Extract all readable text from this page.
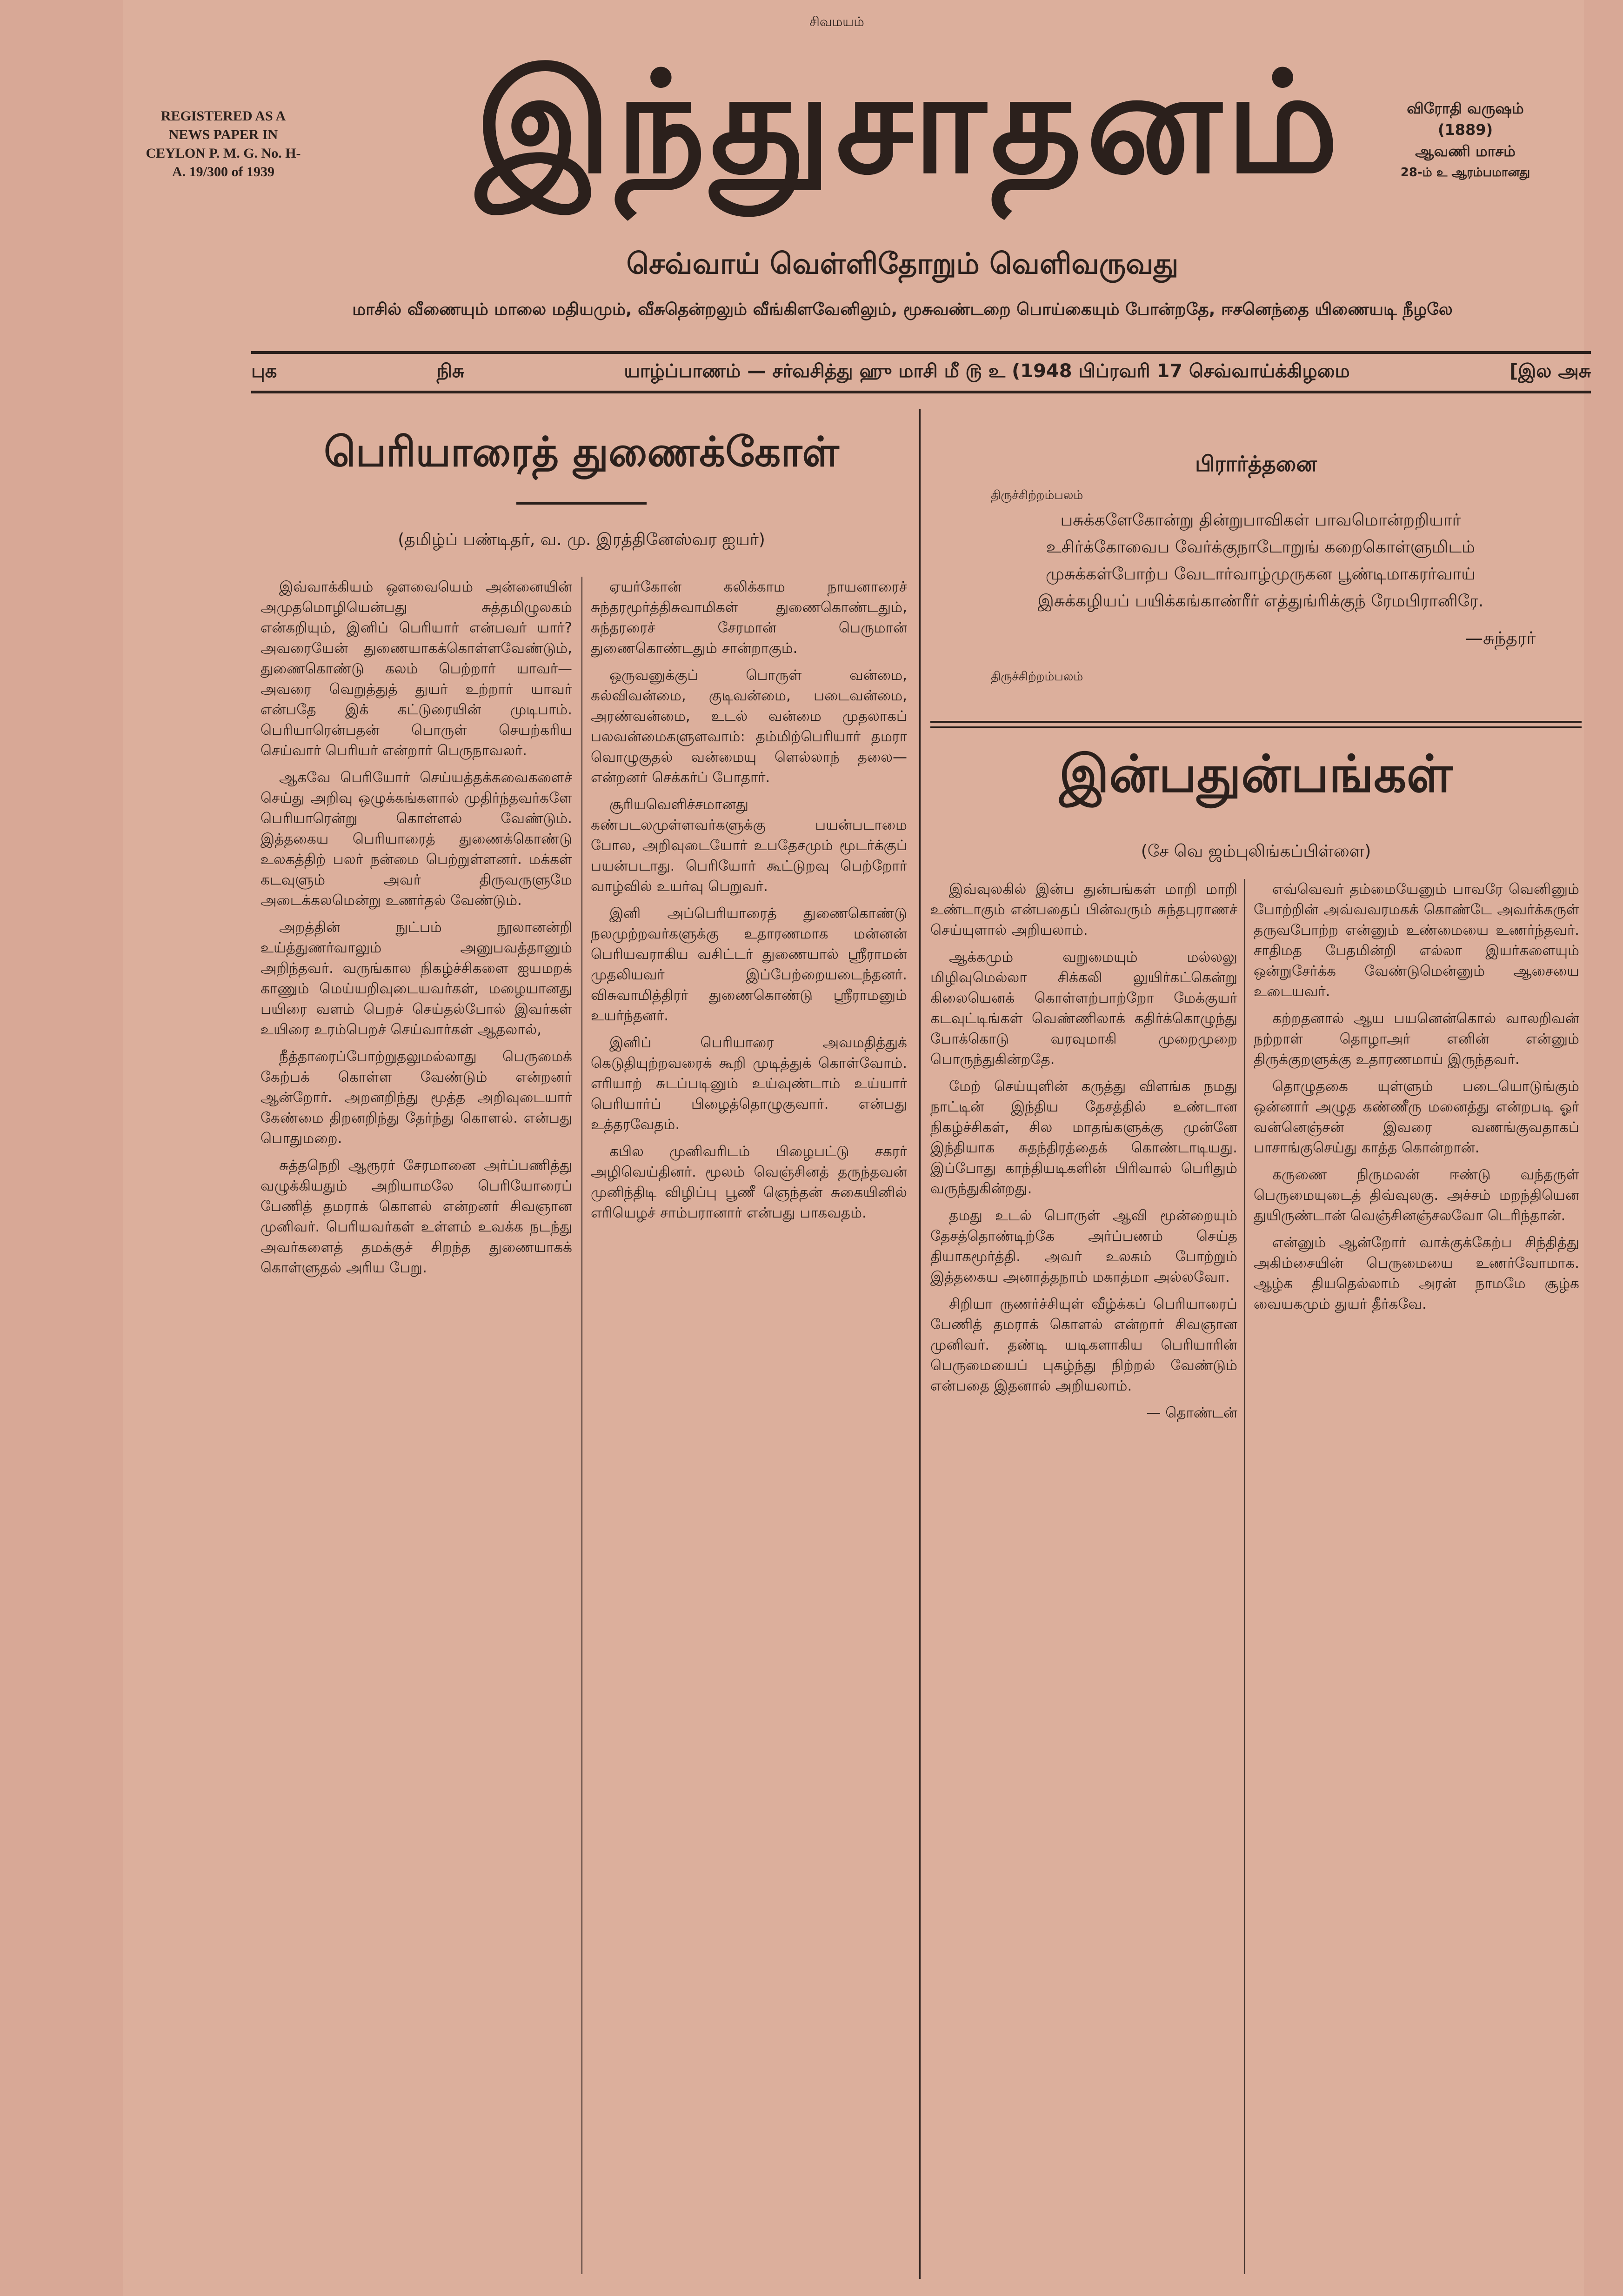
REGISTERED AS A NEWS PAPER IN CEYLON P. M. G. No. H- A. 19/300 of 1939
சிவமயம்
இந்துசாதனம்	விரோதி வருஷம்
(1889)
ஆவணி மாசம்
28-ம் உ ஆரம்பமானது
செவ்வாய் வெள்ளிதோறும் வெளிவருவது
மாசில் வீணையும் மாலை மதியமும், வீசுதென்றலும் வீங்கிளவேனிலும், மூசுவண்டறை பொய்கையும் போன்றதே, ஈசனெந்தை யிணையடி நீழலே
புக	நிசு	யாழ்ப்பாணம் — சர்வசித்து ஹு மாசி மீ ௫ உ (1948 பிப்ரவரி 17 செவ்வாய்க்கிழமை	[இல அசு
பெரியாரைத் துணைக்கோள்
(தமிழ்ப் பண்டிதர், வ. மு. இரத்தினேஸ்வர ஐயர்)

இவ்வாக்கியம் ஔவையெம் அன்னையின் அமுதமொழியென்பது சுத்தமிழுலகம் என்கறியும், இனிப் பெரியார் என்பவர் யார்? அவரையேன் துணையாகக்கொள்ளவேண்டும், துணைகொண்டு கலம் பெற்றார் யாவர்— அவரை வெறுத்துத் துயர் உற்றார் யாவர் என்பதே இக் கட்டுரையின் முடிபாம். பெரியாரென்பதன் பொருள் செயற்கரிய செய்வார் பெரியர் என்றார் பெருநாவலர்.

ஆகவே பெரியோர் செய்யத்தக்கவைகளைச் செய்து அறிவு ஒழுக்கங்களால் முதிர்ந்தவர்களே பெரியாரென்று கொள்ளல் வேண்டும். இத்தகைய பெரியாரைத் துணைக்கொண்டு உலகத்திற் பலர் நன்மை பெற்றுள்ளனர். மக்கள் கடவுளும் அவர் திருவருளுமே அடைக்கலமென்று உணர்தல் வேண்டும்.

அறத்தின் நுட்பம் நூலானன்றி உய்த்துணர்வாலும் அனுபவத்தானும் அறிந்தவர். வருங்கால நிகழ்ச்சிகளை ஐயமறக் காணும் மெய்யறிவுடையவர்கள், மழையானது பயிரை வளம் பெறச் செய்தல்போல் இவர்கள் உயிரை உரம்பெறச் செய்வார்கள் ஆதலால்,

நீத்தாரைப்போற்றுதலுமல்லாது பெருமைக் கேற்பக் கொள்ள வேண்டும் என்றனர் ஆன்றோர். அறனறிந்து மூத்த அறிவுடையார் கேண்மை திறனறிந்து தேர்ந்து கொளல். என்பது பொதுமறை.

சுத்தநெறி ஆரூரர் சேரமானை அர்ப்பணித்து வழுக்கியதும் அறியாமலே பெரியோரைப் பேணித் தமராக் கொளல் என்றனர் சிவஞான முனிவர். பெரியவர்கள் உள்ளம் உவக்க நடந்து அவர்களைத் தமக்குச் சிறந்த துணையாகக் கொள்ளுதல் அரிய பேறு.

ஏயர்கோன் கலிக்காம நாயனாரைச் சுந்தரமூர்த்திசுவாமிகள் துணைகொண்டதும், சுந்தரரைச் சேரமான் பெருமான் துணைகொண்டதும் சான்றாகும்.

ஒருவனுக்குப் பொருள் வன்மை, கல்விவன்மை, குடிவன்மை, படைவன்மை, அரண்வன்மை, உடல் வன்மை முதலாகப் பலவன்மைகளுளவாம்: தம்மிற்பெரியார் தமரா வொழுகுதல் வன்மையு ளெல்லாந் தலை— என்றனர் செக்கர்ப் போதார்.

சூரியவெளிச்சமானது கண்படலமுள்ளவர்களுக்கு பயன்படாமை போல, அறிவுடையோர் உபதேசமும் மூடர்க்குப் பயன்படாது. பெரியோர் கூட்டுறவு பெற்றோர் வாழ்வில் உயர்வு பெறுவர்.

இனி அப்பெரியாரைத் துணைகொண்டு நலமுற்றவர்களுக்கு உதாரணமாக மன்னன் பெரியவராகிய வசிட்டர் துணையால் ஸ்ரீராமன் முதலியவர் இப்பேற்றையடைந்தனர். விசுவாமித்திரர் துணைகொண்டு ஸ்ரீராமனும் உயர்ந்தனர்.

இனிப் பெரியாரை அவமதித்துக் கெடுதியுற்றவரைக் கூறி முடித்துக் கொள்வோம். எரியாற் சுடப்படினும் உய்வுண்டாம் உய்யார் பெரியார்ப் பிழைத்தொழுகுவார். என்பது உத்தரவேதம்.

கபில முனிவரிடம் பிழைபட்டு சகரர் அழிவெய்தினர். மூலம் வெஞ்சினத் தருந்தவன் முனிந்திடி விழிப்பு பூணீ ஞெந்தன் சுகையினில் எரியெழச் சாம்பரானார் என்பது பாகவதம்.

பிரார்த்தனை
திருச்சிற்றம்பலம்
பசுக்களேகோன்று தின்றுபாவிகள் பாவமொன்றறியார்
உசிர்க்கோவைப வேர்க்குநாடோறுங் கறைகொள்ளுமிடம்
முசுக்கள்போற்ப வேடார்வாழ்முருகன பூண்டிமாகரர்வாய்
இசுக்கழியப் பயிக்கங்காண்ரீர் எத்துங்ரிக்குந் ரேமபிரானிரே.
—சுந்தரர்
திருச்சிற்றம்பலம்
இன்பதுன்பங்கள்
(சே வெ ஜம்புலிங்கப்பிள்ளை)

இவ்வுலகில் இன்ப துன்பங்கள் மாறி மாறி உண்டாகும் என்பதைப் பின்வரும் சுந்தபுராணச் செய்யுளால் அறியலாம்.

ஆக்கமும் வறுமையும் மல்லலு மிழிவுமெல்லா சிக்கலி லுயிர்கட்கென்று கிலையெனக் கொள்ளற்பாற்றோ மேக்குயர் கடவுட்டிங்கள் வெண்ணிலாக் கதிர்க்கொழுந்து போக்கொடு வரவுமாகி முறைமுறை பொருந்துகின்றதே.

மேற் செய்யுளின் கருத்து விளங்க நமது நாட்டின் இந்திய தேசத்தில் உண்டான நிகழ்ச்சிகள், சில மாதங்களுக்கு முன்னே இந்தியாக சுதந்திரத்தைக் கொண்டாடியது. இப்போது காந்தியடிகளின் பிரிவால் பெரிதும் வருந்துகின்றது.

தமது உடல் பொருள் ஆவி மூன்றையும் தேசத்தொண்டிற்கே அர்ப்பணம் செய்த தியாகமூர்த்தி. அவர் உலகம் போற்றும் இத்தகைய அனாத்தநாம் மகாத்மா அல்லவோ.

சிறியா ருணர்ச்சியுள் வீழ்க்கப் பெரியாரைப் பேணித் தமராக் கொளல் என்றார் சிவஞான முனிவர். தண்டி யடிகளாகிய பெரியாரின் பெருமையைப் புகழ்ந்து நிற்றல் வேண்டும் என்பதை இதனால் அறியலாம்.

— தொண்டன்

எவ்வெவர் தம்மையேனும் பாவரே வெனினும் போற்றின் அவ்வவரமகக் கொண்டே அவர்க்கருள் தருவபோற்ற என்னும் உண்மையை உணர்ந்தவர். சாதிமத பேதமின்றி எல்லா இயர்களையும் ஒன்றுசேர்க்க வேண்டுமென்னும் ஆசையை உடையவர்.

கற்றதனால் ஆய பயனென்கொல் வாலறிவன் நற்றாள் தொழாஅர் எனின் என்னும் திருக்குறளுக்கு உதாரணமாய் இருந்தவர்.

தொழுதகை யுள்ளும் படையொடுங்கும் ஒன்னார் அழுத கண்ணீரு மனைத்து என்றபடி ஓர் வன்னெஞ்சன் இவரை வணங்குவதாகப் பாசாங்குசெய்து காத்த கொன்றான்.

கருணை நிருமலன் ஈண்டு வந்தருள் பெருமையுடைத் திவ்வுலகு. அச்சம் மறந்தியென துயிருண்டான் வெஞ்சினஞ்சலவோ டெரிந்தான்.

என்னும் ஆன்றோர் வாக்குக்கேற்ப சிந்தித்து அகிம்சையின் பெருமையை உணர்வோமாக. ஆழ்க தியதெல்லாம் அரன் நாமமே சூழ்க வையகமும் துயர் தீர்கவே.
